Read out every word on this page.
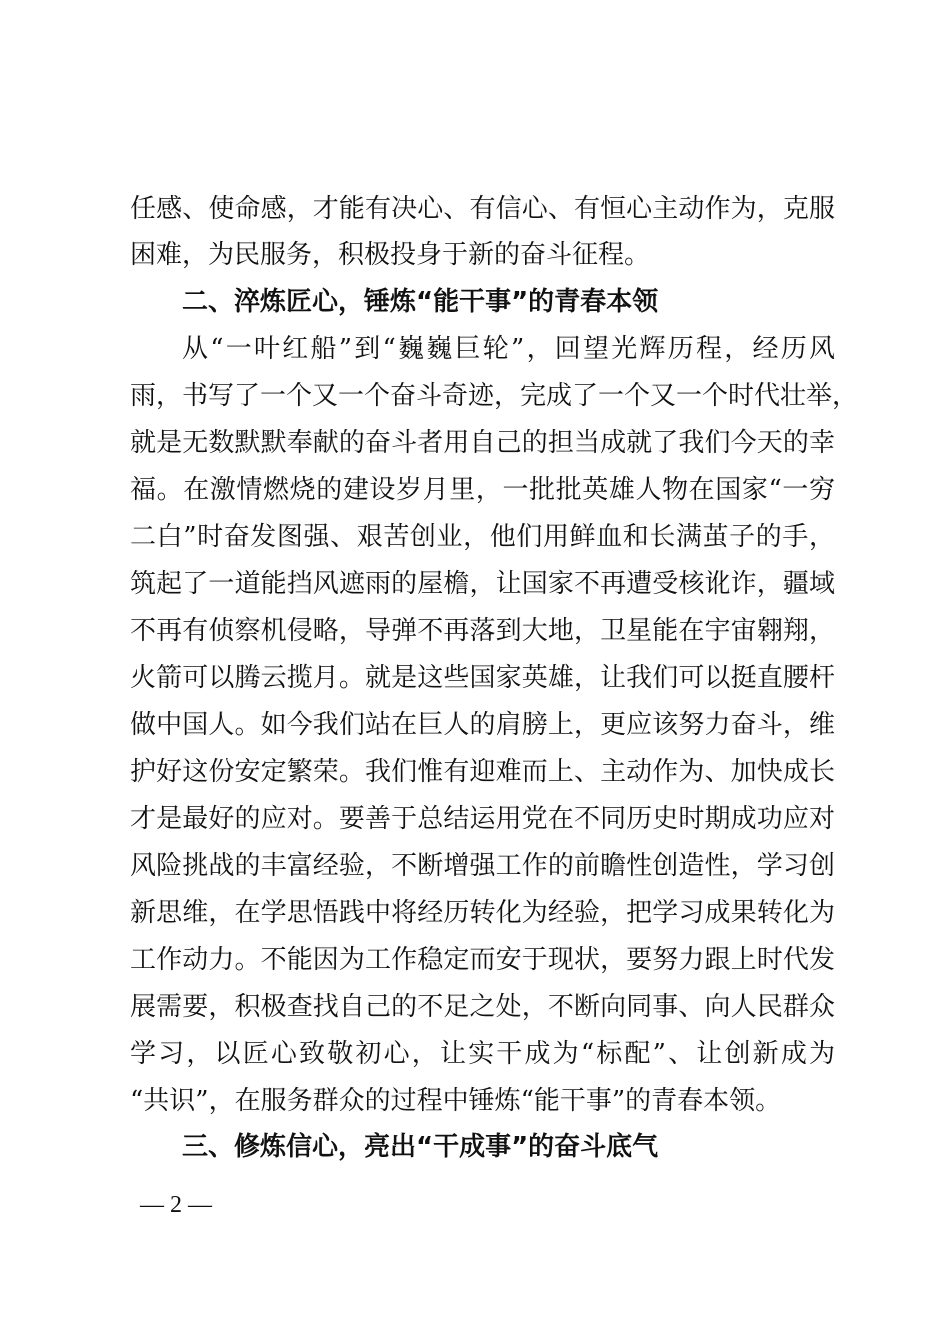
任感、使命感，才能有决心、有信心、有恒心主动作为，克服
困难，为民服务，积极投身于新的奋斗征程。
二、淬炼匠心，锤炼“能干事”的青春本领
从“一叶红船”到“巍巍巨轮”，回望光辉历程，经历风
雨，书写了一个又一个奋斗奇迹，完成了一个又一个时代壮举，
就是无数默默奉献的奋斗者用自己的担当成就了我们今天的幸
福。在激情燃烧的建设岁月里，一批批英雄人物在国家“一穷
二白”时奋发图强、艰苦创业，他们用鲜血和长满茧子的手，
筑起了一道能挡风遮雨的屋檐，让国家不再遭受核讹诈，疆域
不再有侦察机侵略，导弹不再落到大地，卫星能在宇宙翱翔，
火箭可以腾云揽月。就是这些国家英雄，让我们可以挺直腰杆
做中国人。如今我们站在巨人的肩膀上，更应该努力奋斗，维
护好这份安定繁荣。我们惟有迎难而上、主动作为、加快成长
才是最好的应对。要善于总结运用党在不同历史时期成功应对
风险挑战的丰富经验，不断增强工作的前瞻性创造性，学习创
新思维，在学思悟践中将经历转化为经验，把学习成果转化为
工作动力。不能因为工作稳定而安于现状，要努力跟上时代发
展需要，积极查找自己的不足之处，不断向同事、向人民群众
学习，以匠心致敬初心，让实干成为“标配”、让创新成为
“共识”，在服务群众的过程中锤炼“能干事”的青春本领。
三、修炼信心，亮出“干成事”的奋斗底气
— 2 —
